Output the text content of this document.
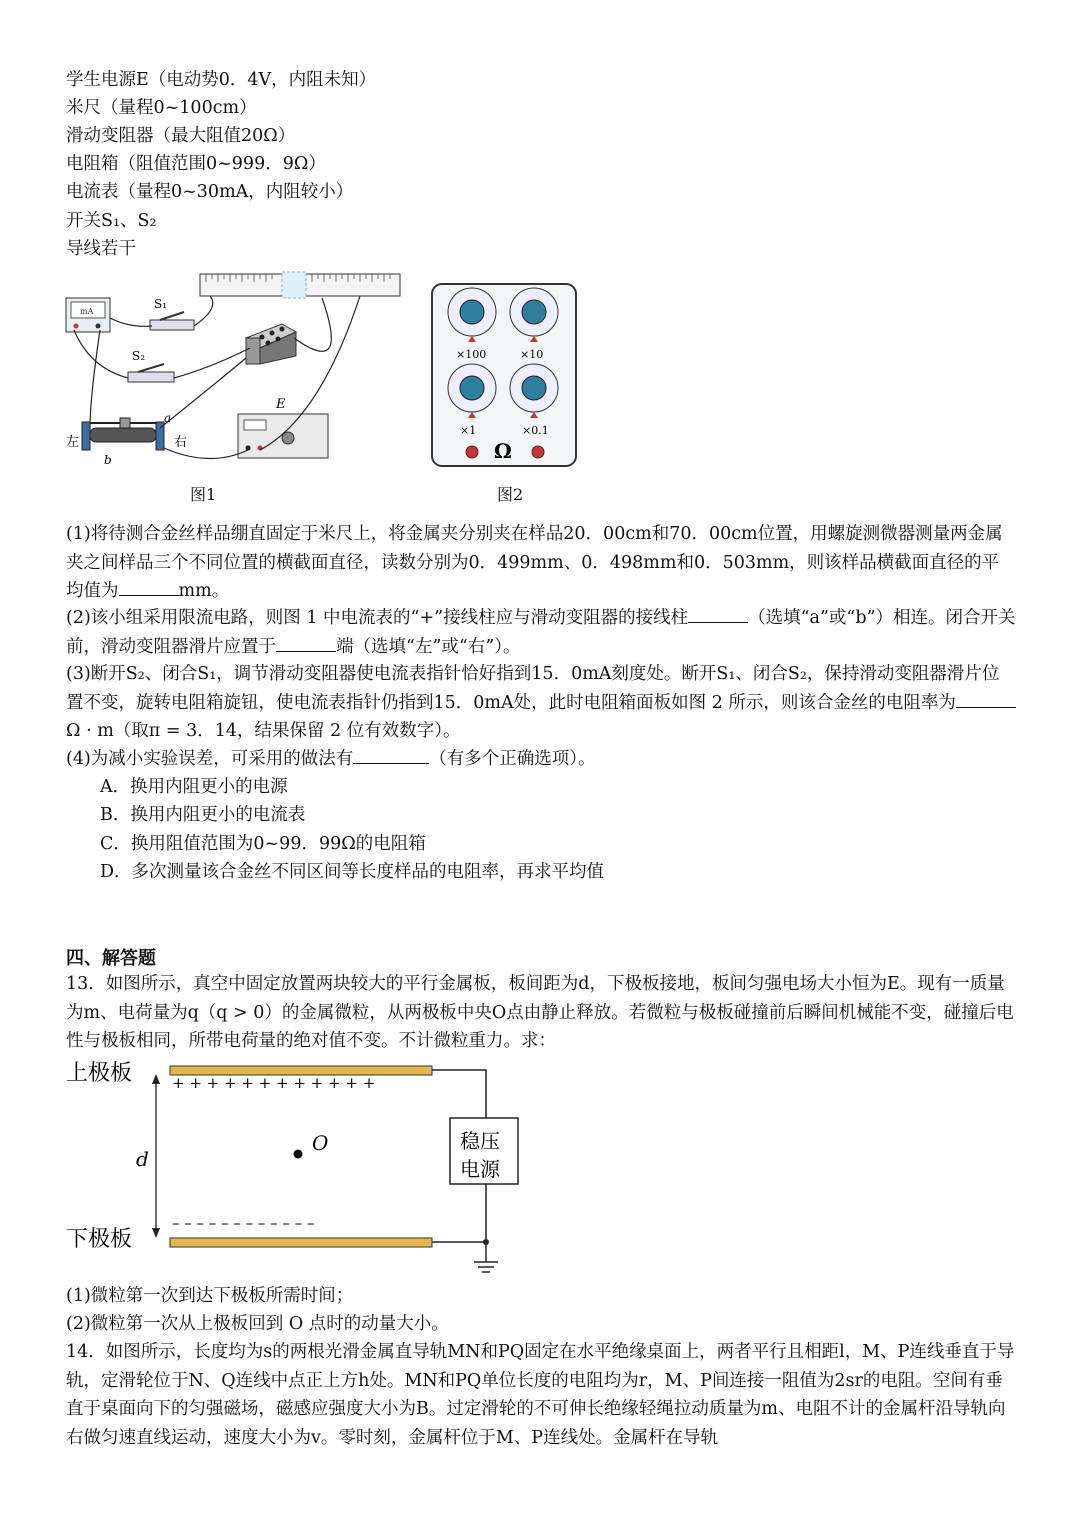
学生电源E（电动势0．4V，内阻未知）
米尺（量程0~100cm）
滑动变阻器（最大阻值20Ω）
电阻箱（阻值范围0~999．9Ω）
电流表（量程0~30mA，内阻较小）
开关S₁、S₂
导线若干
mA
S₁
S₂
左	右
a
b
E
图1
×100	×10
×1	×0.1
Ω
图2
(1)将待测合金丝样品绷直固定于米尺上，将金属夹分别夹在样品20．00cm和70．00cm位置，用螺旋测微器测量两金属夹之间样品三个不同位置的横截面直径，读数分别为0．499mm、0．498mm和0．503mm，则该样品横截面直径的平均值为	mm。
(2)该小组采用限流电路，则图 1 中电流表的“+”接线柱应与滑动变阻器的接线柱	（选填“a”或“b”）相连。闭合开关前，滑动变阻器滑片应置于	端（选填“左”或“右”）。
(3)断开S₂、闭合S₁，调节滑动变阻器使电流表指针恰好指到15．0mA刻度处。断开S₁、闭合S₂，保持滑动变阻器滑片位置不变，旋转电阻箱旋钮，使电流表指针仍指到15．0mA处，此时电阻箱面板如图 2 所示，则该合金丝的电阻率为Ω · m（取π = 3．14，结果保留 2 位有效数字）。
(4)为减小实验误差，可采用的做法有	（有多个正确选项）。
A．换用内阻更小的电源
B．换用内阻更小的电流表
C．换用阻值范围为0~99．99Ω的电阻箱
D．多次测量该合金丝不同区间等长度样品的电阻率，再求平均值
四、解答题
13．如图所示，真空中固定放置两块较大的平行金属板，板间距为d，下极板接地，板间匀强电场大小恒为E。现有一质量为m、电荷量为q（q > 0）的金属微粒，从两极板中央O点由静止释放。若微粒与极板碰撞前后瞬间机械能不变，碰撞后电性与极板相同，所带电荷量的绝对值不变。不计微粒重力。求：
上极板
下极板
+ + + + + + + + + + + +
– – – – – – – – – – – –
d
O	稳压
电源
(1)微粒第一次到达下极板所需时间；
(2)微粒第一次从上极板回到 O 点时的动量大小。
14．如图所示，长度均为s的两根光滑金属直导轨MN和PQ固定在水平绝缘桌面上，两者平行且相距l，M、P连线垂直于导轨，定滑轮位于N、Q连线中点正上方h处。MN和PQ单位长度的电阻均为r，M、P间连接一阻值为2sr的电阻。空间有垂直于桌面向下的匀强磁场，磁感应强度大小为B。过定滑轮的不可伸长绝缘轻绳拉动质量为m、电阻不计的金属杆沿导轨向右做匀速直线运动，速度大小为v。零时刻，金属杆位于M、P连线处。金属杆在导轨
